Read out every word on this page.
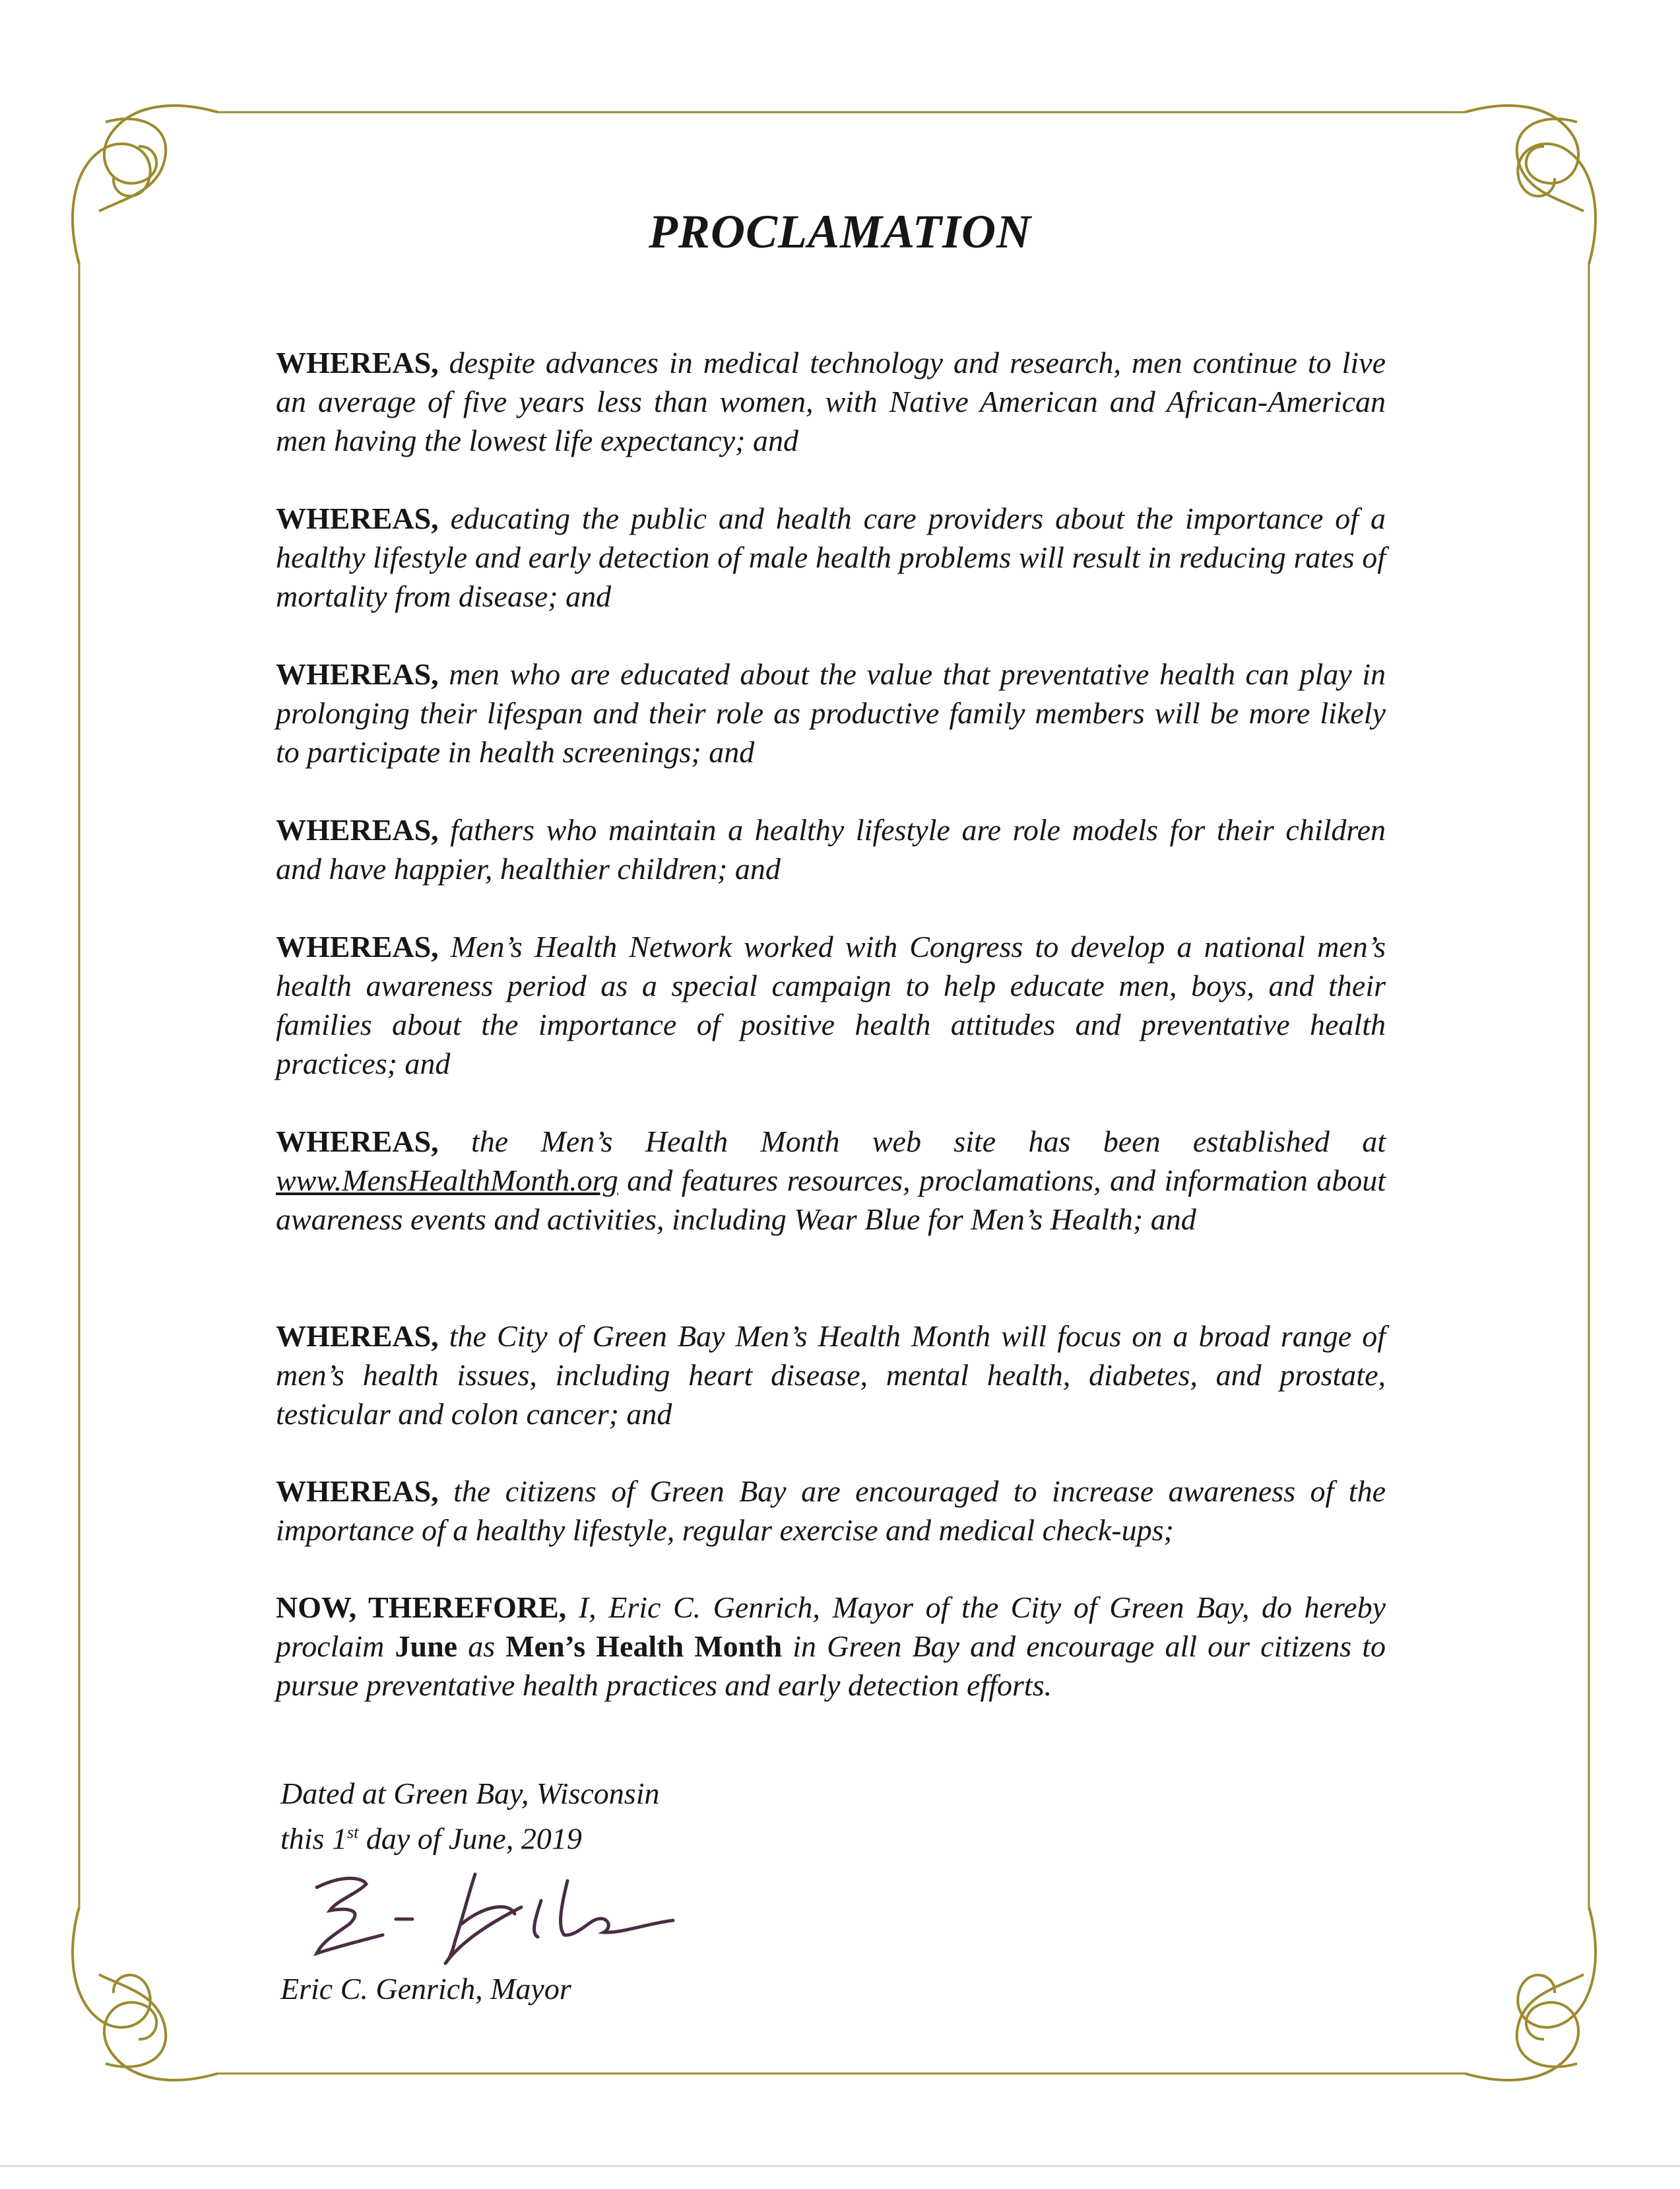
PROCLAMATION

WHEREAS, despite advances in medical technology and research, men continue to live an average of five years less than women, with Native American and African-American men having the lowest life expectancy; and

WHEREAS, educating the public and health care providers about the importance of a healthy lifestyle and early detection of male health problems will result in reducing rates of mortality from disease; and

WHEREAS, men who are educated about the value that preventative health can play in prolonging their lifespan and their role as productive family members will be more likely to participate in health screenings; and

WHEREAS, fathers who maintain a healthy lifestyle are role models for their children and have happier, healthier children; and

WHEREAS, Men’s Health Network worked with Congress to develop a national men’s health awareness period as a special campaign to help educate men, boys, and their families about the importance of positive health attitudes and preventative health practices; and

WHEREAS, the Men’s Health Month web site has been established at www.MensHealthMonth.org and features resources, proclamations, and information about awareness events and activities, including Wear Blue for Men’s Health; and

WHEREAS, the City of Green Bay Men’s Health Month will focus on a broad range of men’s health issues, including heart disease, mental health, diabetes, and prostate, testicular and colon cancer; and

WHEREAS, the citizens of Green Bay are encouraged to increase awareness of the importance of a healthy lifestyle, regular exercise and medical check-ups;

NOW, THEREFORE, I, Eric C. Genrich, Mayor of the City of Green Bay, do hereby proclaim June as Men’s Health Month in Green Bay and encourage all our citizens to pursue preventative health practices and early detection efforts.

Dated at Green Bay, Wisconsin
this 1st day of June, 2019
Eric C. Genrich, Mayor
